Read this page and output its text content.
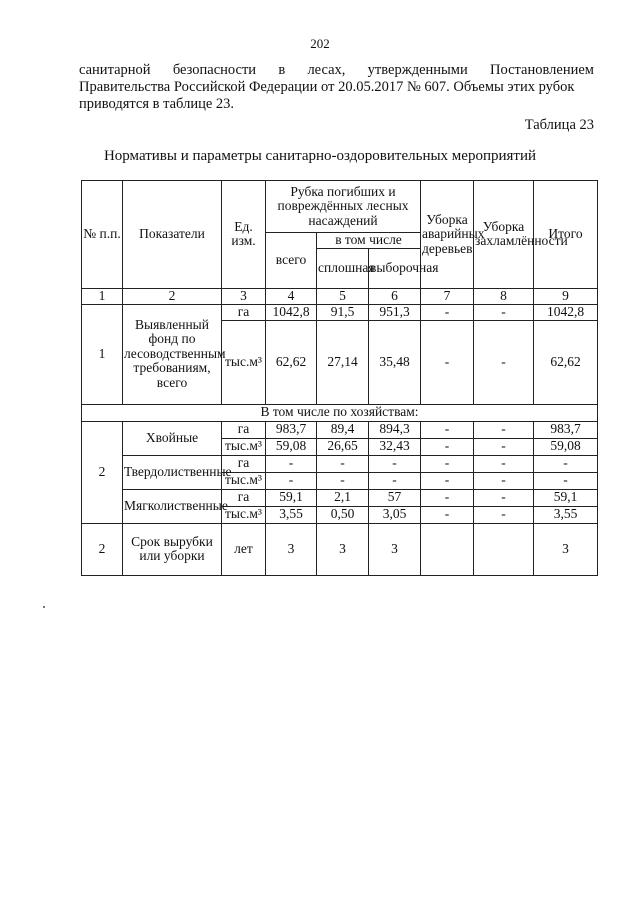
202
санитарной безопасности в лесах, утвержденными Постановлением
Правительства Российской Федерации от 20.05.2017 № 607. Объемы этих рубок
приводятся в таблице 23.
Таблица 23
Нормативы и параметры санитарно-оздоровительных мероприятий
№ п.п.	Показатели	Ед. изм.	Рубка погибших и повреждённых лесных насаждений			Уборка аварийных деревьев	Уборка захламлённости	Итого
			всего	в том числе				
				сплошная	выборочная			
1	2	3	4	5	6	7	8	9
1	Выявленный фонд по лесоводственным требованиям, всего	га	1042,8	91,5	951,3	-	-	1042,8
		тыс.м³	62,62	27,14	35,48	-	-	62,62
В том числе по хозяйствам:								
2	Хвойные	га	983,7	89,4	894,3	-	-	983,7
		тыс.м³	59,08	26,65	32,43	-	-	59,08
	Твердолиственные	га	-	-	-	-	-	-
		тыс.м³	-	-	-	-	-	-
	Мягколиственные	га	59,1	2,1	57	-	-	59,1
		тыс.м³	3,55	0,50	3,05	-	-	3,55
2	Срок вырубки или уборки	лет	3	3	3			3
